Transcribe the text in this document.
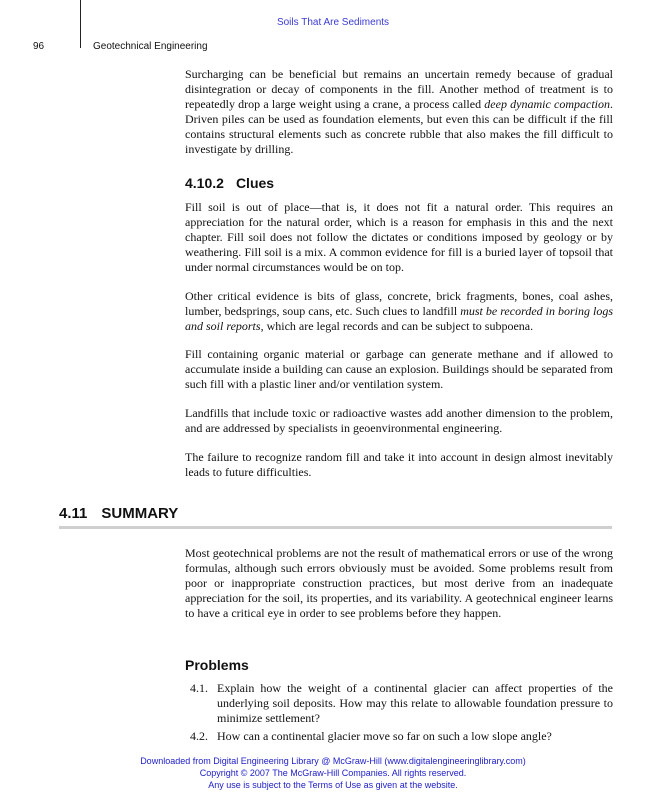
Soils That Are Sediments
96	Geotechnical Engineering

Surcharging can be beneficial but remains an uncertain remedy because of gradual disintegration or decay of components in the fill. Another method of treatment is to repeatedly drop a large weight using a crane, a process called deep dynamic compaction. Driven piles can be used as foundation elements, but even this can be difficult if the fill contains structural elements such as concrete rubble that also makes the fill difficult to investigate by drilling.

4.10.2 Clues

Fill soil is out of place—that is, it does not fit a natural order. This requires an appreciation for the natural order, which is a reason for emphasis in this and the next chapter. Fill soil does not follow the dictates or conditions imposed by geology or by weathering. Fill soil is a mix. A common evidence for fill is a buried layer of topsoil that under normal circumstances would be on top.

Other critical evidence is bits of glass, concrete, brick fragments, bones, coal ashes, lumber, bedsprings, soup cans, etc. Such clues to landfill must be recorded in boring logs and soil reports, which are legal records and can be subject to subpoena.

Fill containing organic material or garbage can generate methane and if allowed to accumulate inside a building can cause an explosion. Buildings should be separated from such fill with a plastic liner and/or ventilation system.

Landfills that include toxic or radioactive wastes add another dimension to the problem, and are addressed by specialists in geoenvironmental engineering.

The failure to recognize random fill and take it into account in design almost inevitably leads to future difficulties.

4.11 SUMMARY

Most geotechnical problems are not the result of mathematical errors or use of the wrong formulas, although such errors obviously must be avoided. Some problems result from poor or inappropriate construction practices, but most derive from an inadequate appreciation for the soil, its properties, and its variability. A geotechnical engineer learns to have a critical eye in order to see problems before they happen.

Problems
4.1. Explain how the weight of a continental glacier can affect properties of the underlying soil deposits. How may this relate to allowable foundation pressure to minimize settlement?
4.2. How can a continental glacier move so far on such a low slope angle?
Downloaded from Digital Engineering Library @ McGraw-Hill (www.digitalengineeringlibrary.com)
Copyright © 2007 The McGraw-Hill Companies. All rights reserved.
Any use is subject to the Terms of Use as given at the website.
